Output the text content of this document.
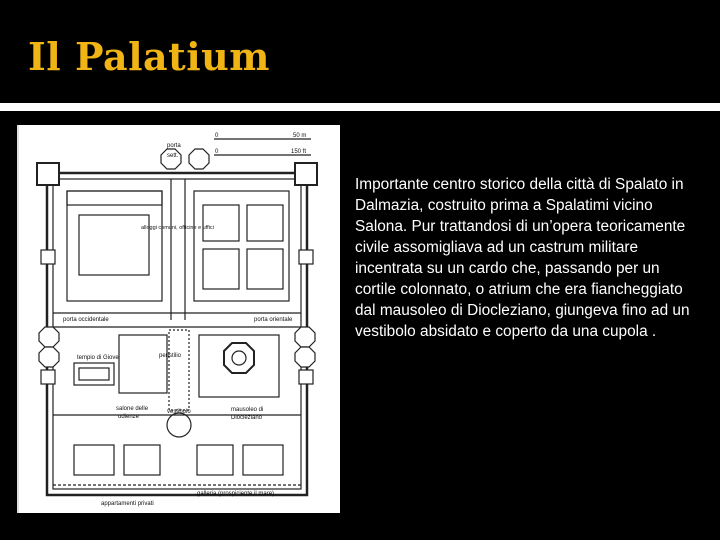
Il Palatium
0	50 m
0	150 ft
porta
sett.
alloggi comuni, officine e uffici
porta occidentale	porta orientale
tempio di Giove	peristilio
salone delle
udienze
vestibolo	mausoleo di
Diocleziano
galleria (prospiciente il mare)
appartamenti privati

Importante centro storico della città di Spalato in Dalmazia, costruito prima a Spalatimi vicino Salona. Pur trattandosi di un’opera teoricamente civile assomigliava ad un castrum militare incentrata su un cardo che, passando per un cortile colonnato, o atrium che era fiancheggiato dal mausoleo di Diocleziano, giungeva fino ad un vestibolo absidato e coperto da una cupola .
